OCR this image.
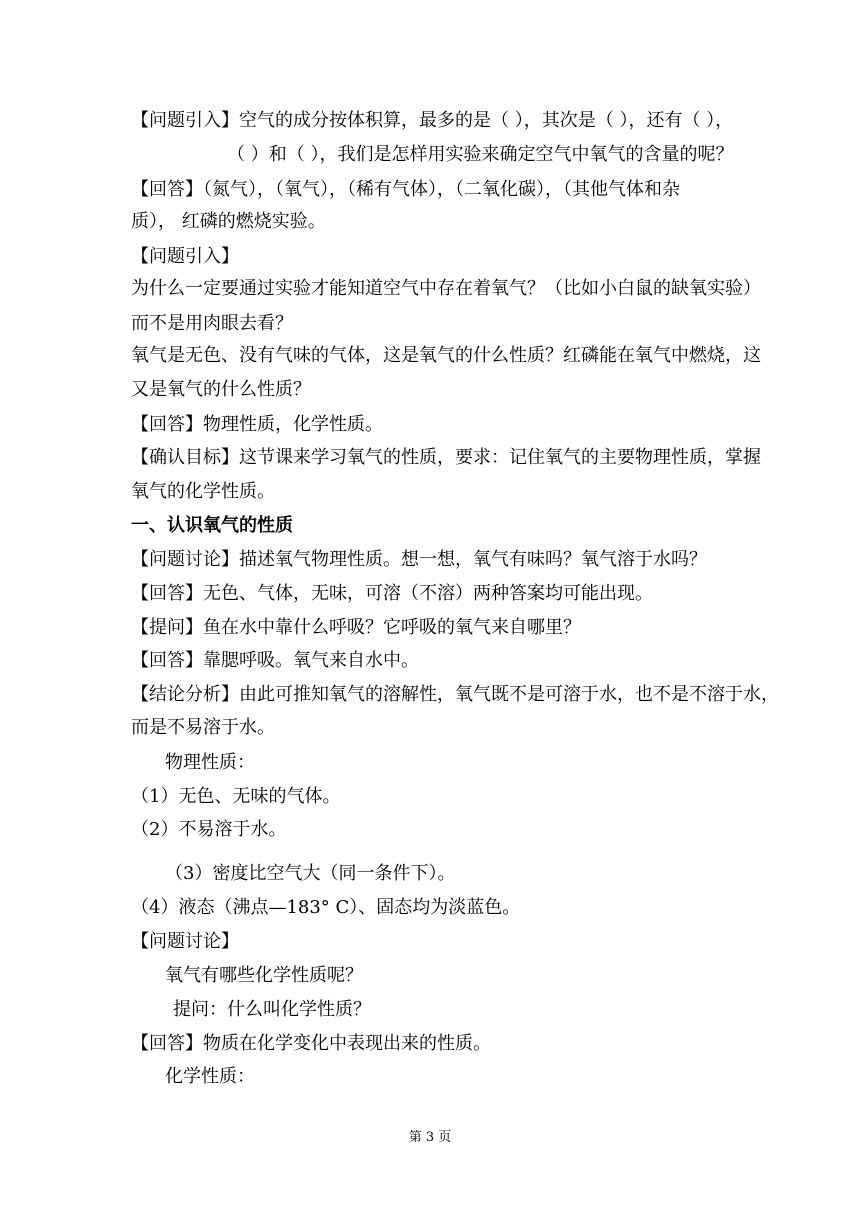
【问题引入】空气的成分按体积算，最多的是（ ），其次是（ ），还有（ ），

（ ）和（ ），我们是怎样用实验来确定空气中氧气的含量的呢？

【回答】（氮气），（氧气），（稀有气体），（二氧化碳），（其他气体和杂

质）， 红磷的燃烧实验。

【问题引入】

为什么一定要通过实验才能知道空气中存在着氧气？（比如小白鼠的缺氧实验）

而不是用肉眼去看？

氧气是无色、没有气味的气体，这是氧气的什么性质？红磷能在氧气中燃烧，这

又是氧气的什么性质？

【回答】物理性质，化学性质。

【确认目标】这节课来学习氧气的性质，要求：记住氧气的主要物理性质，掌握

氧气的化学性质。

一、认识氧气的性质

【问题讨论】描述氧气物理性质。想一想，氧气有味吗？氧气溶于水吗？

【回答】无色、气体，无味，可溶（不溶）两种答案均可能出现。

【提问】鱼在水中靠什么呼吸？它呼吸的氧气来自哪里？

【回答】靠腮呼吸。氧气来自水中。

【结论分析】由此可推知氧气的溶解性，氧气既不是可溶于水，也不是不溶于水，

而是不易溶于水。

物理性质：

（1）无色、无味的气体。

（2）不易溶于水。

（3）密度比空气大（同一条件下）。

（4）液态（沸点—183° C）、固态均为淡蓝色。

【问题讨论】

氧气有哪些化学性质呢？

提问：什么叫化学性质？

【回答】物质在化学变化中表现出来的性质。

化学性质：

第 3 页
